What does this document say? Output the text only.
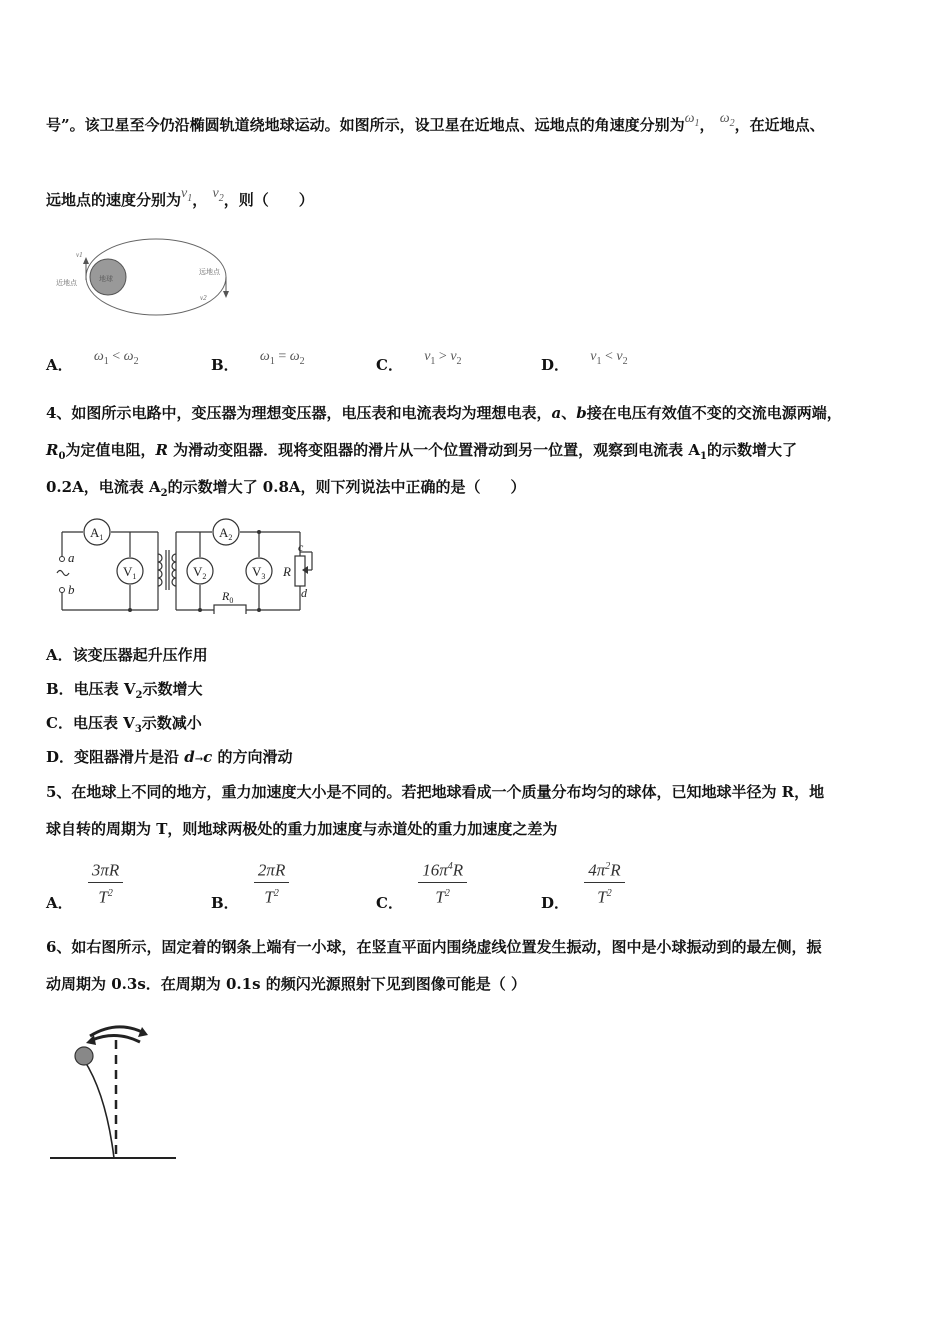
号”。该卫星至今仍沿椭圆轨道绕地球运动。如图所示，设卫星在近地点、远地点的角速度分别为$\omega_1$， $\omega_2$，在近地点、
远地点的速度分别为$v_1$， $v_2$，则（　　）
地球
近地点
远地点
v1
v2
A． $\omega_1 < \omega_2$	B． $\omega_1 = \omega_2$	C． $v_1 > v_2$	D． $v_1 < v_2$
4、如图所示电路中，变压器为理想变压器，电压表和电流表均为理想电表，a、b接在电压有效值不变的交流电源两端，
$R_0$为定值电阻，R 为滑动变阻器．现将变阻器的滑片从一个位置滑动到另一位置，观察到电流表 $A_1$的示数增大了
0.2A，电流表 $A_2$的示数增大了 0.8A，则下列说法中正确的是（　　）
$A_1$	$A_2$
$V_1$	$V_2$	$V_3$
a
b
c
d
R
$R_0$
A．该变压器起升压作用
B．电压表 $V_2$示数增大
C．电压表 $V_3$示数减小
D．变阻器滑片是沿 d→c 的方向滑动
5、在地球上不同的地方，重力加速度大小是不同的。若把地球看成一个质量分布均匀的球体，已知地球半径为 R，地
球自转的周期为 T，则地球两极处的重力加速度与赤道处的重力加速度之差为
A． $\frac{3\pi R}{T^2}$	B． $\frac{2\pi R}{T^2}$	C． $\frac{16\pi^4R}{T^2}$	D． $\frac{4\pi^2R}{T^2}$
6、如右图所示，固定着的钢条上端有一小球，在竖直平面内围绕虚线位置发生振动，图中是小球振动到的最左侧，振
动周期为 0.3s．在周期为 0.1s 的频闪光源照射下见到图像可能是（ ）
